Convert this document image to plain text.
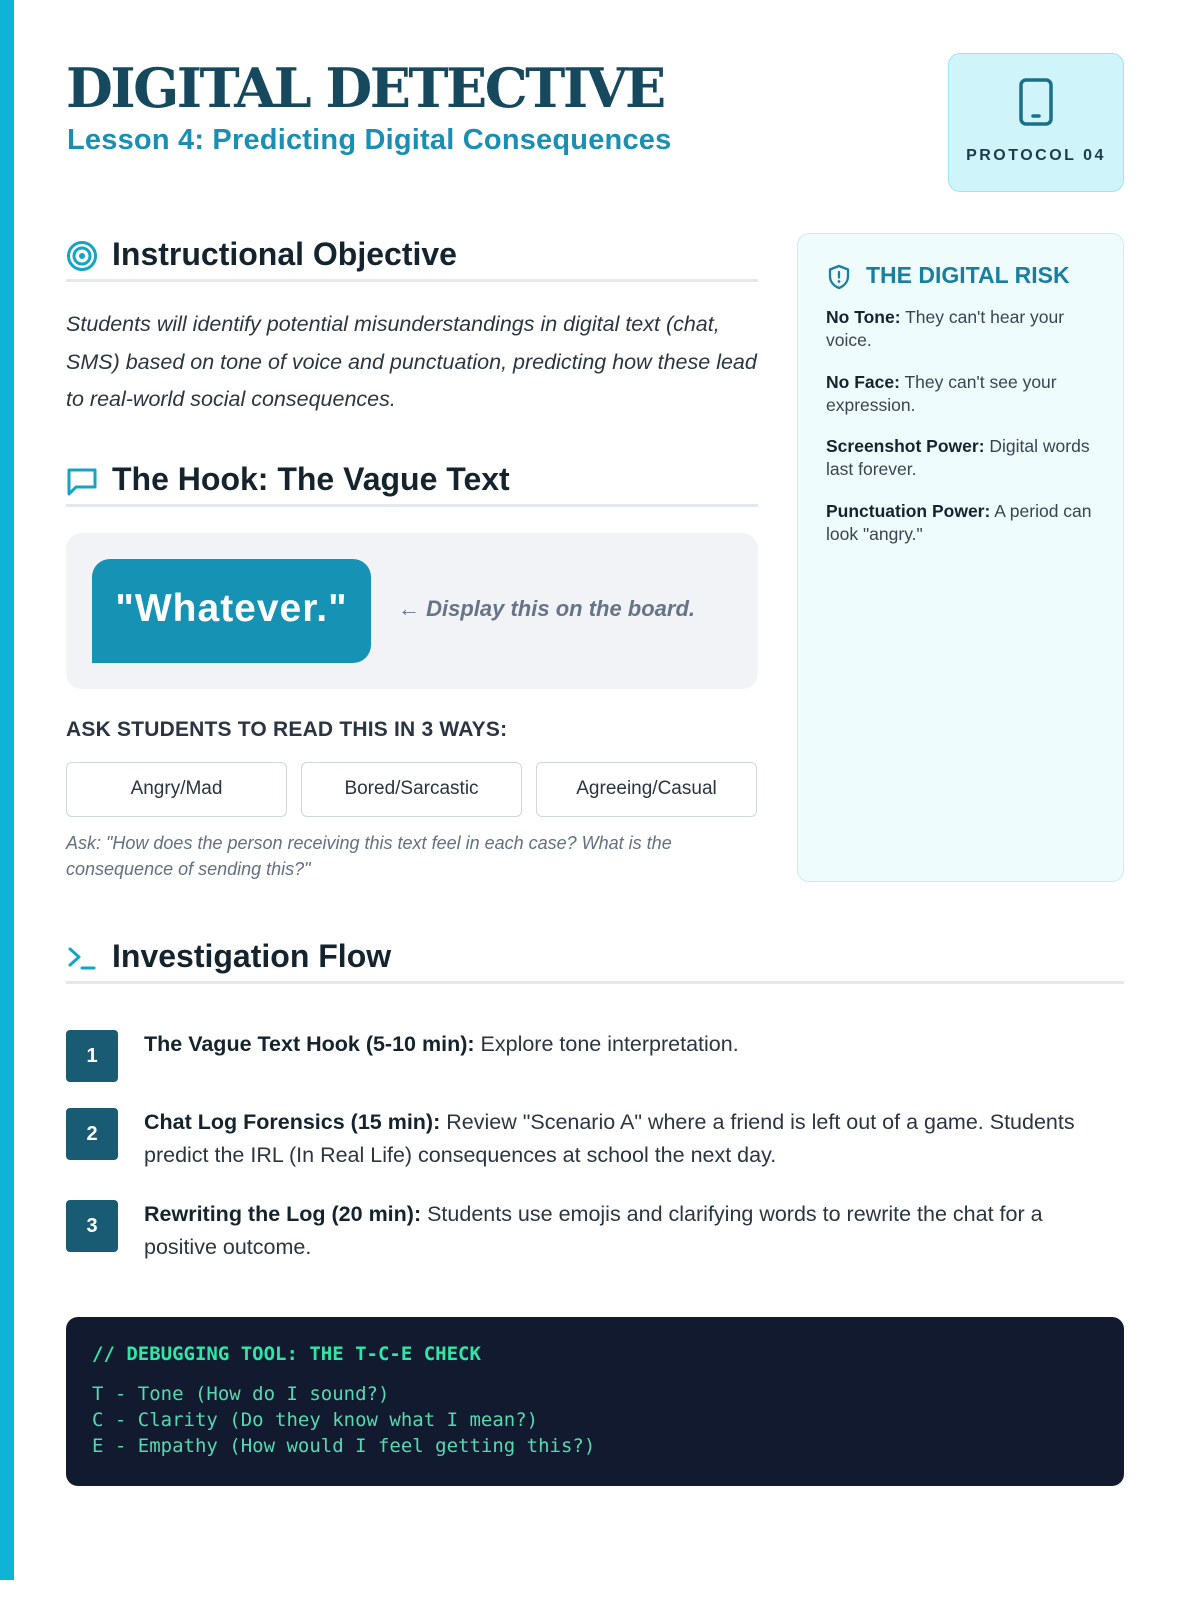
DIGITAL DETECTIVE
Lesson 4: Predicting Digital Consequences	PROTOCOL 04
Instructional Objective

Students will identify potential misunderstandings in digital text (chat, SMS) based on tone of voice and punctuation, predicting how these lead to real-world social consequences.

The Hook: The Vague Text
"Whatever."	← Display this on the board.
ASK STUDENTS TO READ THIS IN 3 WAYS:
Angry/Mad	Bored/Sarcastic	Agreeing/Casual

Ask: "How does the person receiving this text feel in each case? What is the consequence of sending this?"

THE DIGITAL RISK
No Tone: They can't hear your voice.
No Face: They can't see your expression.
Screenshot Power: Digital words last forever.
Punctuation Power: A period can look "angry."
Investigation Flow
1	The Vague Text Hook (5-10 min): Explore tone interpretation.
2	Chat Log Forensics (15 min): Review "Scenario A" where a friend is left out of a game. Students predict the IRL (In Real Life) consequences at school the next day.
3	Rewriting the Log (20 min): Students use emojis and clarifying words to rewrite the chat for a positive outcome.
// DEBUGGING TOOL: THE T-C-E CHECK
T - Tone (How do I sound?)
C - Clarity (Do they know what I mean?)
E - Empathy (How would I feel getting this?)
